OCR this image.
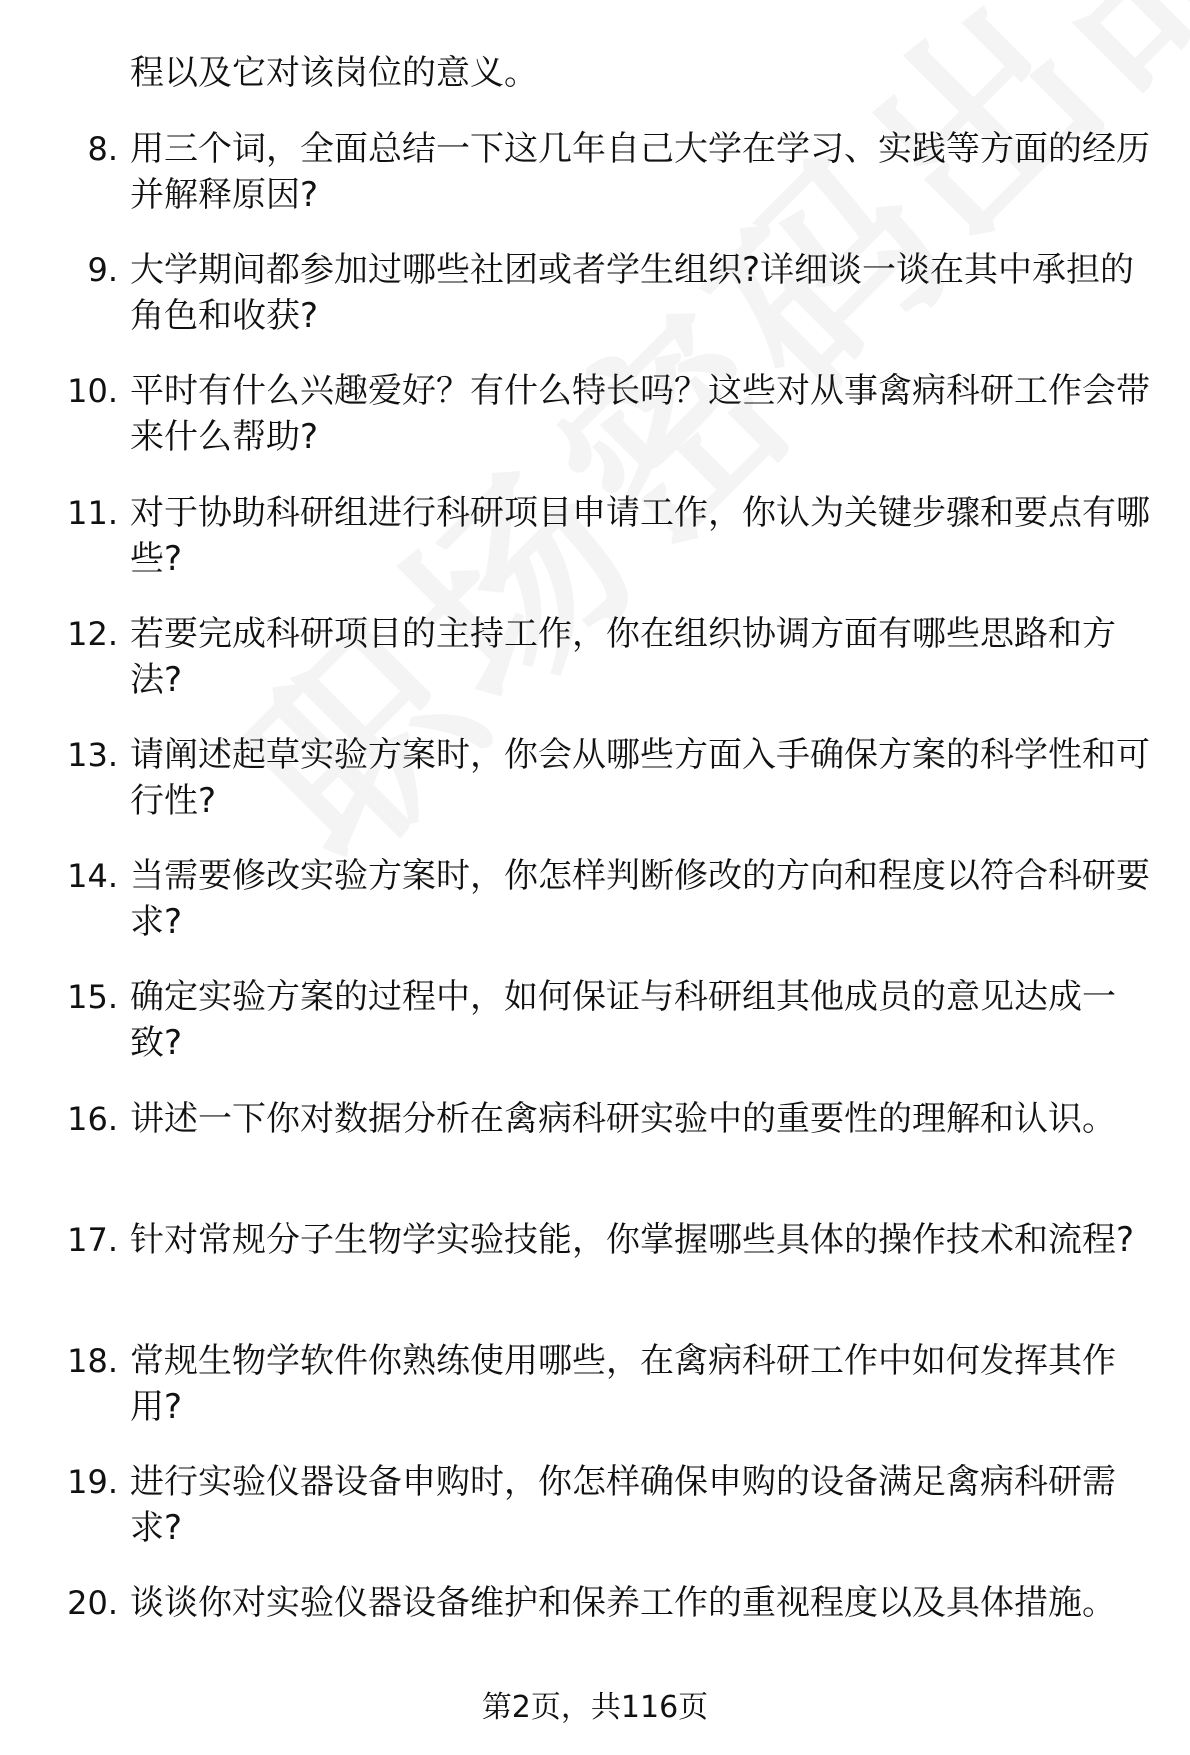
程以及它对该岗位的意义。

8. 用三个词，全面总结一下这几年自己大学在学习、实践等方面的经历并解释原因?

9. 大学期间都参加过哪些社团或者学生组织?详细谈一谈在其中承担的角色和收获?

10. 平时有什么兴趣爱好？有什么特长吗？这些对从事禽病科研工作会带来什么帮助?

11. 对于协助科研组进行科研项目申请工作，你认为关键步骤和要点有哪些?

12. 若要完成科研项目的主持工作，你在组织协调方面有哪些思路和方法?

13. 请阐述起草实验方案时，你会从哪些方面入手确保方案的科学性和可行性?

14. 当需要修改实验方案时，你怎样判断修改的方向和程度以符合科研要求?

15. 确定实验方案的过程中，如何保证与科研组其他成员的意见达成一致?

16. 讲述一下你对数据分析在禽病科研实验中的重要性的理解和认识。

17. 针对常规分子生物学实验技能，你掌握哪些具体的操作技术和流程?

18. 常规生物学软件你熟练使用哪些，在禽病科研工作中如何发挥其作用?

19. 进行实验仪器设备申购时，你怎样确保申购的设备满足禽病科研需求?

20. 谈谈你对实验仪器设备维护和保养工作的重视程度以及具体措施。

第2页，共116页
